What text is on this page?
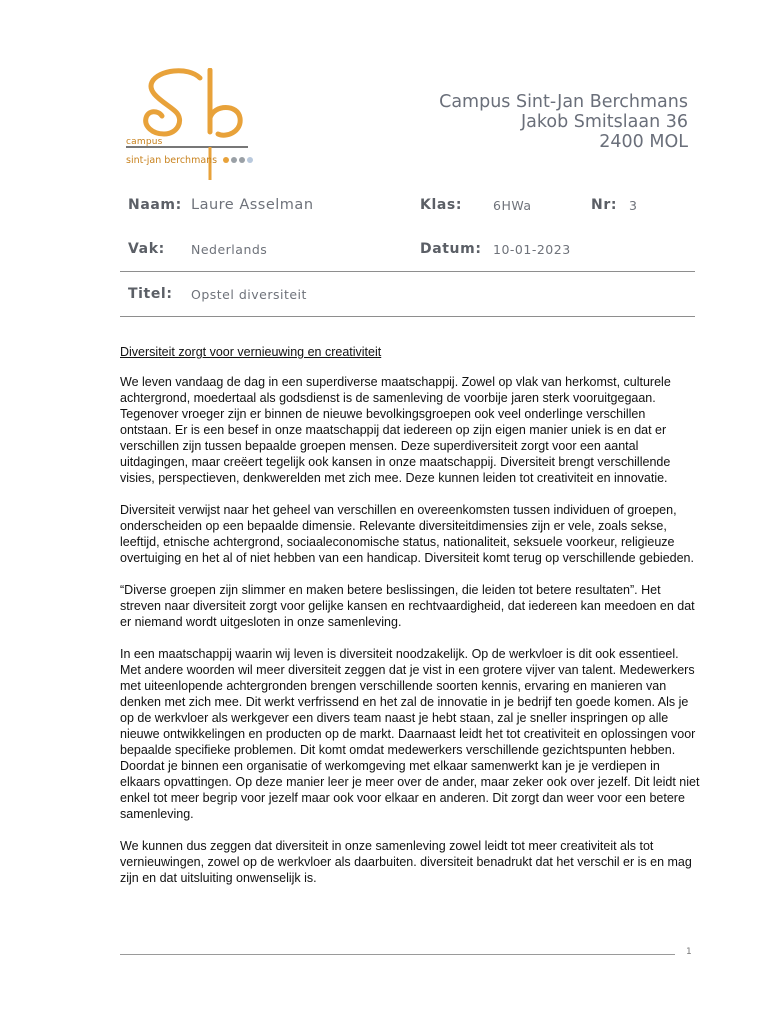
campus
sint-jan berchmans
Campus Sint-Jan Berchmans
Jakob Smitslaan 36
2400 MOL
Naam: Laure Asselman	Klas: 6HWa	Nr: 3
Vak: Nederlands	Datum: 10-01-2023
Titel: Opstel diversiteit
Diversiteit zorgt voor vernieuwing en creativiteit

We leven vandaag de dag in een superdiverse maatschappij. Zowel op vlak van herkomst, culturele achtergrond, moedertaal als godsdienst is de samenleving de voorbije jaren sterk vooruitgegaan. Tegenover vroeger zijn er binnen de nieuwe bevolkingsgroepen ook veel onderlinge verschillen ontstaan. Er is een besef in onze maatschappij dat iedereen op zijn eigen manier uniek is en dat er verschillen zijn tussen bepaalde groepen mensen. Deze superdiversiteit zorgt voor een aantal uitdagingen, maar creëert tegelijk ook kansen in onze maatschappij. Diversiteit brengt verschillende visies, perspectieven, denkwerelden met zich mee. Deze kunnen leiden tot creativiteit en innovatie.

Diversiteit verwijst naar het geheel van verschillen en overeenkomsten tussen individuen of groepen, onderscheiden op een bepaalde dimensie. Relevante diversiteitdimensies zijn er vele, zoals sekse, leeftijd, etnische achtergrond, sociaaleconomische status, nationaliteit, seksuele voorkeur, religieuze overtuiging en het al of niet hebben van een handicap. Diversiteit komt terug op verschillende gebieden.

“Diverse groepen zijn slimmer en maken betere beslissingen, die leiden tot betere resultaten”. Het streven naar diversiteit zorgt voor gelijke kansen en rechtvaardigheid, dat iedereen kan meedoen en dat er niemand wordt uitgesloten in onze samenleving.

In een maatschappij waarin wij leven is diversiteit noodzakelijk. Op de werkvloer is dit ook essentieel. Met andere woorden wil meer diversiteit zeggen dat je vist in een grotere vijver van talent. Medewerkers met uiteenlopende achtergronden brengen verschillende soorten kennis, ervaring en manieren van denken met zich mee. Dit werkt verfrissend en het zal de innovatie in je bedrijf ten goede komen. Als je op de werkvloer als werkgever een divers team naast je hebt staan, zal je sneller inspringen op alle nieuwe ontwikkelingen en producten op de markt. Daarnaast leidt het tot creativiteit en oplossingen voor bepaalde specifieke problemen. Dit komt omdat medewerkers verschillende gezichtspunten hebben. Doordat je binnen een organisatie of werkomgeving met elkaar samenwerkt kan je je verdiepen in elkaars opvattingen. Op deze manier leer je meer over de ander, maar zeker ook over jezelf. Dit leidt niet enkel tot meer begrip voor jezelf maar ook voor elkaar en anderen. Dit zorgt dan weer voor een betere samenleving.

We kunnen dus zeggen dat diversiteit in onze samenleving zowel leidt tot meer creativiteit als tot vernieuwingen, zowel op de werkvloer als daarbuiten. diversiteit benadrukt dat het verschil er is en mag zijn en dat uitsluiting onwenselijk is.

1
